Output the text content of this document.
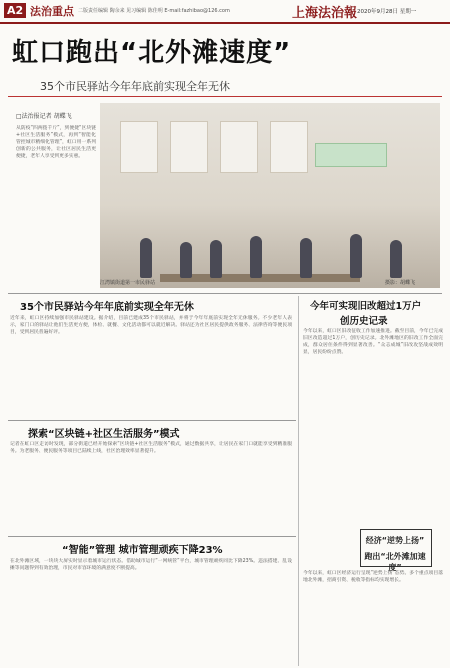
A2 法治重点 二版责任编辑 陶余来 见习编辑 陈佳明 E-mail:fazhibao@126.com	上海法治報 2020年9月28日 星期一
虹口跑出“北外滩速度”
35个市民驿站今年年底前实现全年无休
□法治报记者 胡蝶飞
从防疫“四两拨千斤”，到便捷“区块链+社区生活服务”模式，再到“智能化管控城市精细化管理”，虹口用一系列创新的公共服务，让社区居民生活更便捷，老年人享受到更多实惠。
江湾镇街道第一市民驿站	摄影：胡蝶飞
35个市民驿站今年年底前实现全年无休
近年来，虹口区持续加强市民驿站建设。据介绍，目前已建成35个市民驿站，并将于今年年底前实现全年无休服务。不少老年人表示，家门口的驿站让他们生活更方便，体检、就餐、文化活动都可以就近解决。驿站还为社区居民提供政务服务、法律咨询等便民项目，受到居民普遍好评。
今年可实现旧改超过1万户
创历史记录
今年以来，虹口区旧改征收工作加速推进。截至目前，今年已完成旧区改造超过1万户，创历史记录。北外滩地区的旧改工作全面完成，群众居住条件得到显著改善。“众志成城”旧改攻坚战成效明显，居民纷纷点赞。
探索“区块链+社区生活服务”模式
记者在虹口区走访时发现，部分街道已经开始探索“区块链+社区生活服务”模式，通过数据共享，让居民在家门口就能享受到精准服务。为老服务、便民服务等项目已陆续上线，社区治理效率显著提升。
“智能”管理 城市管理顽疾下降23%
在北外滩区域，一块块大屏实时显示着城市运行状态。借助城市运行“一网统管”平台，城市管理顽疾同比下降23%。违法搭建、乱设摊等问题得到有效治理，市民对市容环境的满意度不断提高。
经济“逆势上扬”
跑出“北外滩加速度”
今年以来，虹口区经济运行呈现“逆势上扬”态势。多个重点项目落地北外滩，招商引资、税收等指标均实现增长。
